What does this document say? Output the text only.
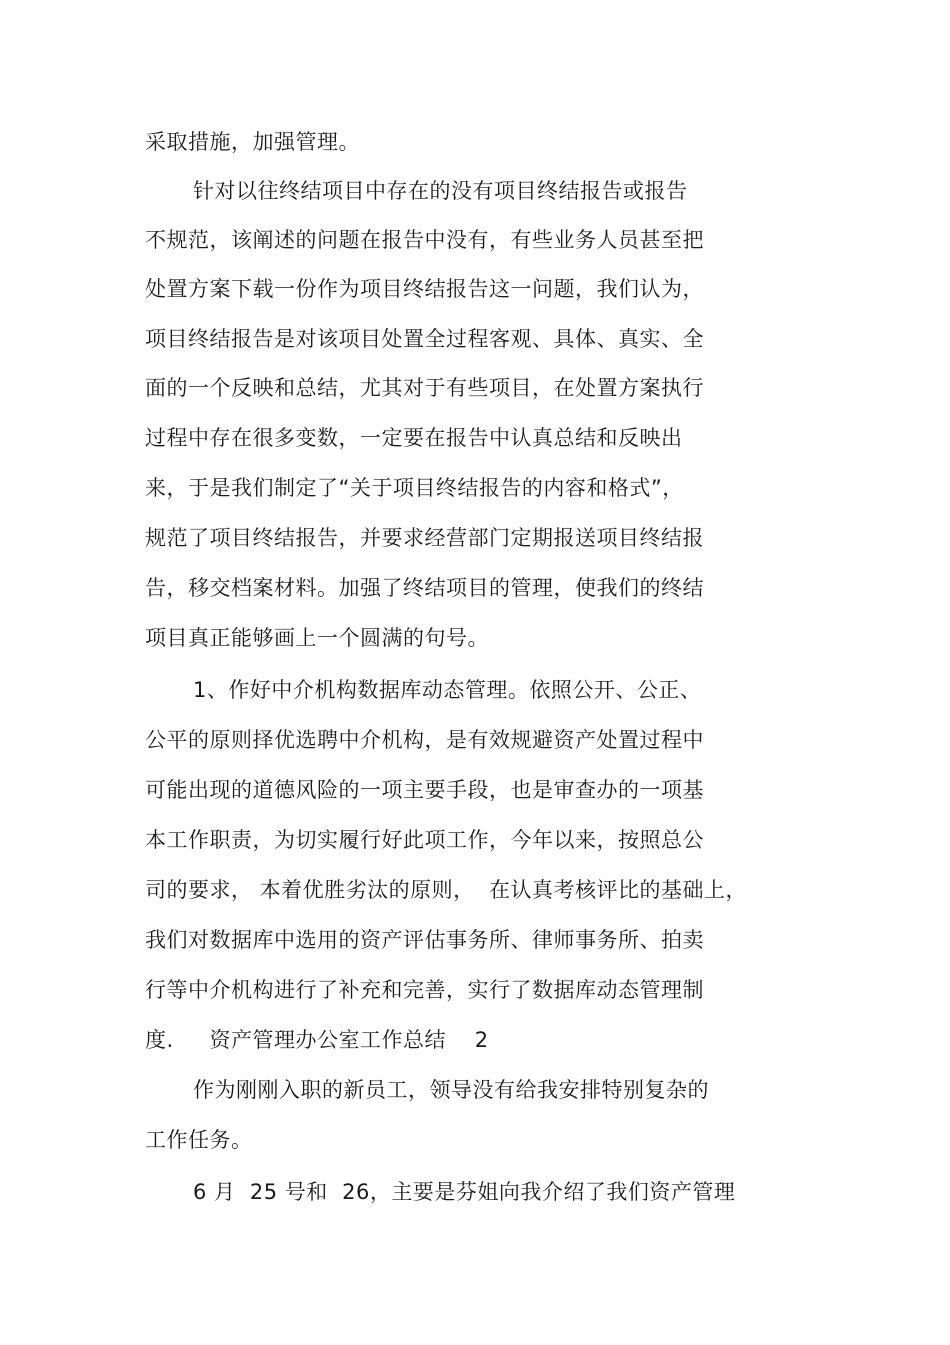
采取措施，加强管理。
针对以往终结项目中存在的没有项目终结报告或报告
不规范，该阐述的问题在报告中没有，有些业务人员甚至把
处置方案下载一份作为项目终结报告这一问题，我们认为，
项目终结报告是对该项目处置全过程客观、具体、真实、全
面的一个反映和总结，尤其对于有些项目，在处置方案执行
过程中存在很多变数，一定要在报告中认真总结和反映出
来，于是我们制定了“关于项目终结报告的内容和格式”，
规范了项目终结报告，并要求经营部门定期报送项目终结报
告，移交档案材料。加强了终结项目的管理，使我们的终结
项目真正能够画上一个圆满的句号。
1、作好中介机构数据库动态管理。依照公开、公正、
公平的原则择优选聘中介机构，是有效规避资产处置过程中
可能出现的道德风险的一项主要手段，也是审查办的一项基
本工作职责，为切实履行好此项工作，今年以来，按照总公
司的要求， 本着优胜劣汰的原则，  在认真考核评比的基础上，
我们对数据库中选用的资产评估事务所、律师事务所、拍卖
行等中介机构进行了补充和完善，实行了数据库动态管理制
度.     资产管理办公室工作总结    2
作为刚刚入职的新员工，领导没有给我安排特别复杂的
工作任务。
6 月  25 号和  26，主要是芬姐向我介绍了我们资产管理
